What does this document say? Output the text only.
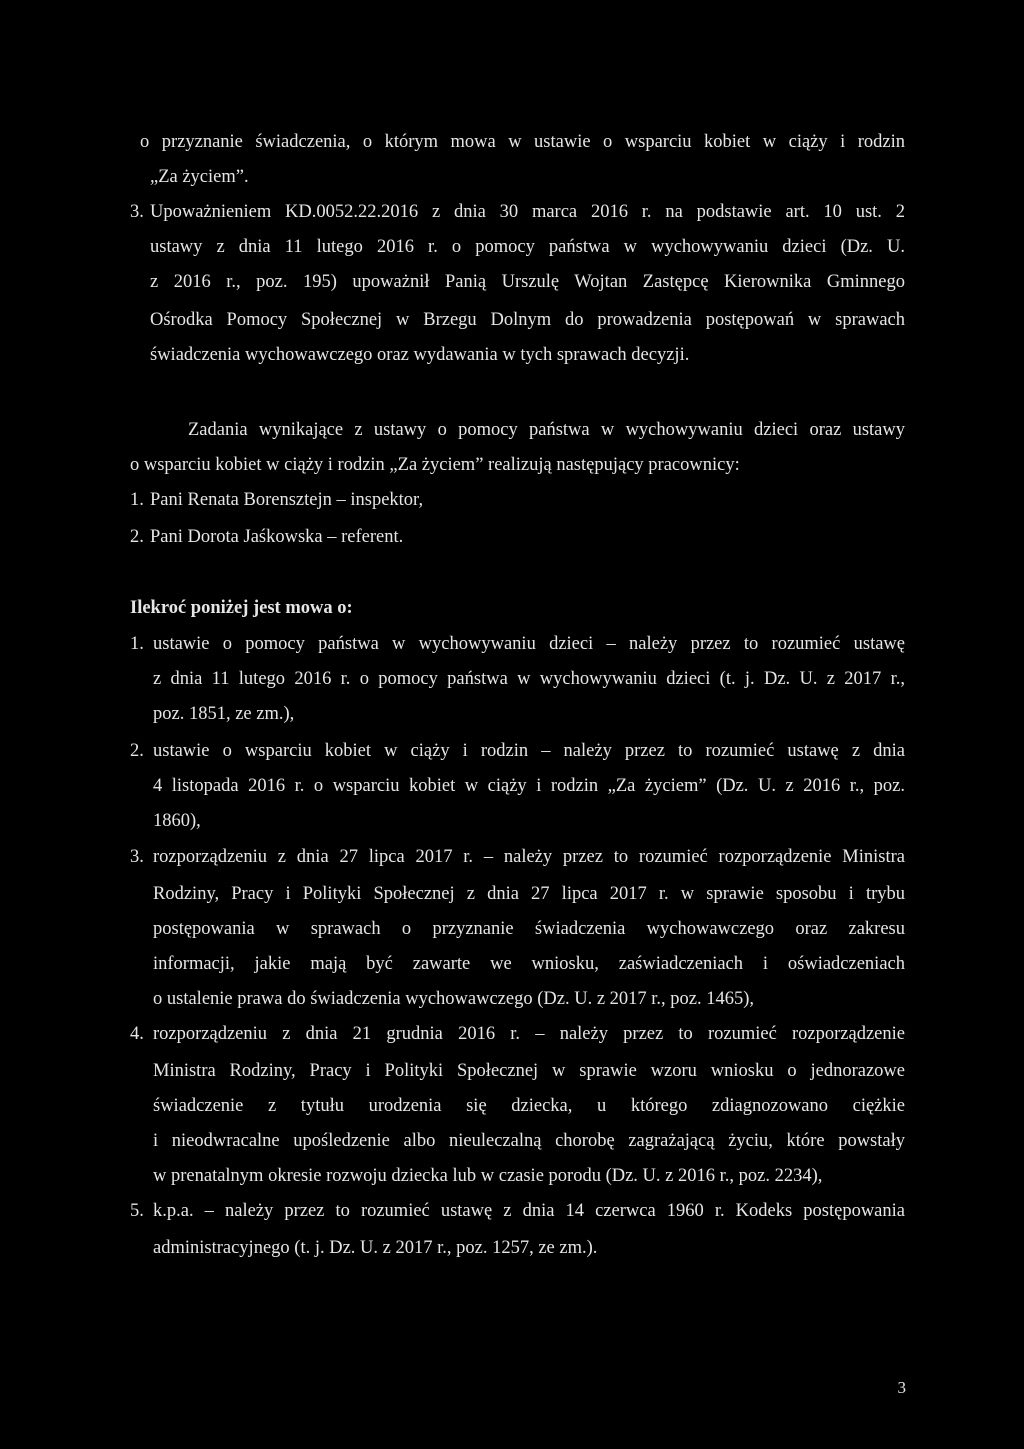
o przyznanie świadczenia, o którym mowa w ustawie o wsparciu kobiet w ciąży i rodzin
„Za życiem”.
3. Upoważnieniem KD.0052.22.2016 z dnia 30 marca 2016 r. na podstawie art. 10 ust. 2
ustawy z dnia 11 lutego 2016 r. o pomocy państwa w wychowywaniu dzieci (Dz. U.
z 2016 r., poz. 195) upoważnił Panią Urszulę Wojtan Zastępcę Kierownika Gminnego
Ośrodka Pomocy Społecznej w Brzegu Dolnym do prowadzenia postępowań w sprawach
świadczenia wychowawczego oraz wydawania w tych sprawach decyzji.
Zadania wynikające z ustawy o pomocy państwa w wychowywaniu dzieci oraz ustawy
o wsparciu kobiet w ciąży i rodzin „Za życiem” realizują następujący pracownicy:
1. Pani Renata Borensztejn – inspektor,
2. Pani Dorota Jaśkowska – referent.
Ilekroć poniżej jest mowa o:
1. ustawie o pomocy państwa w wychowywaniu dzieci – należy przez to rozumieć ustawę
z dnia 11 lutego 2016 r. o pomocy państwa w wychowywaniu dzieci (t. j. Dz. U. z 2017 r.,
poz. 1851, ze zm.),
2. ustawie o wsparciu kobiet w ciąży i rodzin – należy przez to rozumieć ustawę z dnia
4 listopada 2016 r. o wsparciu kobiet w ciąży i rodzin „Za życiem” (Dz. U. z 2016 r., poz.
1860),
3. rozporządzeniu z dnia 27 lipca 2017 r. – należy przez to rozumieć rozporządzenie Ministra
Rodziny, Pracy i Polityki Społecznej z dnia 27 lipca 2017 r. w sprawie sposobu i trybu
postępowania w sprawach o przyznanie świadczenia wychowawczego oraz zakresu
informacji, jakie mają być zawarte we wniosku, zaświadczeniach i oświadczeniach
o ustalenie prawa do świadczenia wychowawczego (Dz. U. z 2017 r., poz. 1465),
4. rozporządzeniu z dnia 21 grudnia 2016 r. – należy przez to rozumieć rozporządzenie
Ministra Rodziny, Pracy i Polityki Społecznej w sprawie wzoru wniosku o jednorazowe
świadczenie z tytułu urodzenia się dziecka, u którego zdiagnozowano ciężkie
i nieodwracalne upośledzenie albo nieuleczalną chorobę zagrażającą życiu, które powstały
w prenatalnym okresie rozwoju dziecka lub w czasie porodu (Dz. U. z 2016 r., poz. 2234),
5. k.p.a. – należy przez to rozumieć ustawę z dnia 14 czerwca 1960 r. Kodeks postępowania
administracyjnego (t. j. Dz. U. z 2017 r., poz. 1257, ze zm.).
3
